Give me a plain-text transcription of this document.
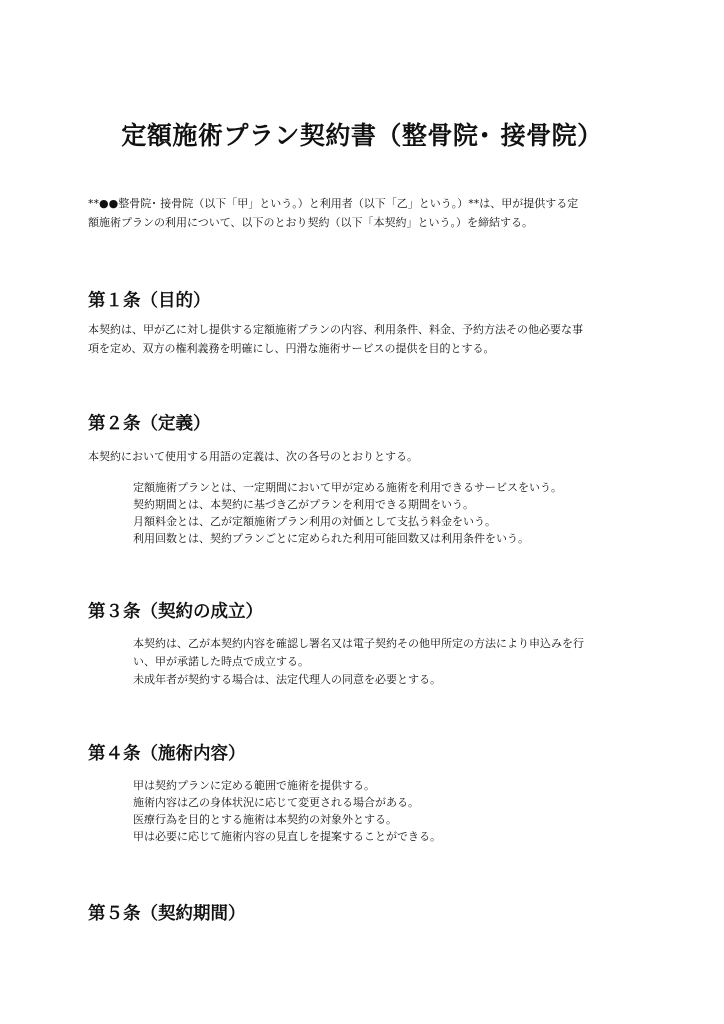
定額施術プラン契約書（整骨院･ 接骨院）
**●●整骨院･ 接骨院（以下「甲」という。）と利用者（以下「乙」という。）**は、甲が提供する定
額施術プランの利用について、以下のとおり契約（以下「本契約」という。）を締結する。
第１条（目的）
本契約は、甲が乙に対し提供する定額施術プランの内容、利用条件、料金、予約方法その他必要な事
項を定め、双方の権利義務を明確にし、円滑な施術サービスの提供を目的とする。
第２条（定義）
本契約において使用する用語の定義は、次の各号のとおりとする。
定額施術プランとは、一定期間において甲が定める施術を利用できるサービスをいう。
契約期間とは、本契約に基づき乙がプランを利用できる期間をいう。
月額料金とは、乙が定額施術プラン利用の対価として支払う料金をいう。
利用回数とは、契約プランごとに定められた利用可能回数又は利用条件をいう。
第３条（契約の成立）
本契約は、乙が本契約内容を確認し署名又は電子契約その他甲所定の方法により申込みを行
い、甲が承諾した時点で成立する。
未成年者が契約する場合は、法定代理人の同意を必要とする。
第４条（施術内容）
甲は契約プランに定める範囲で施術を提供する。
施術内容は乙の身体状況に応じて変更される場合がある。
医療行為を目的とする施術は本契約の対象外とする。
甲は必要に応じて施術内容の見直しを提案することができる。
第５条（契約期間）
